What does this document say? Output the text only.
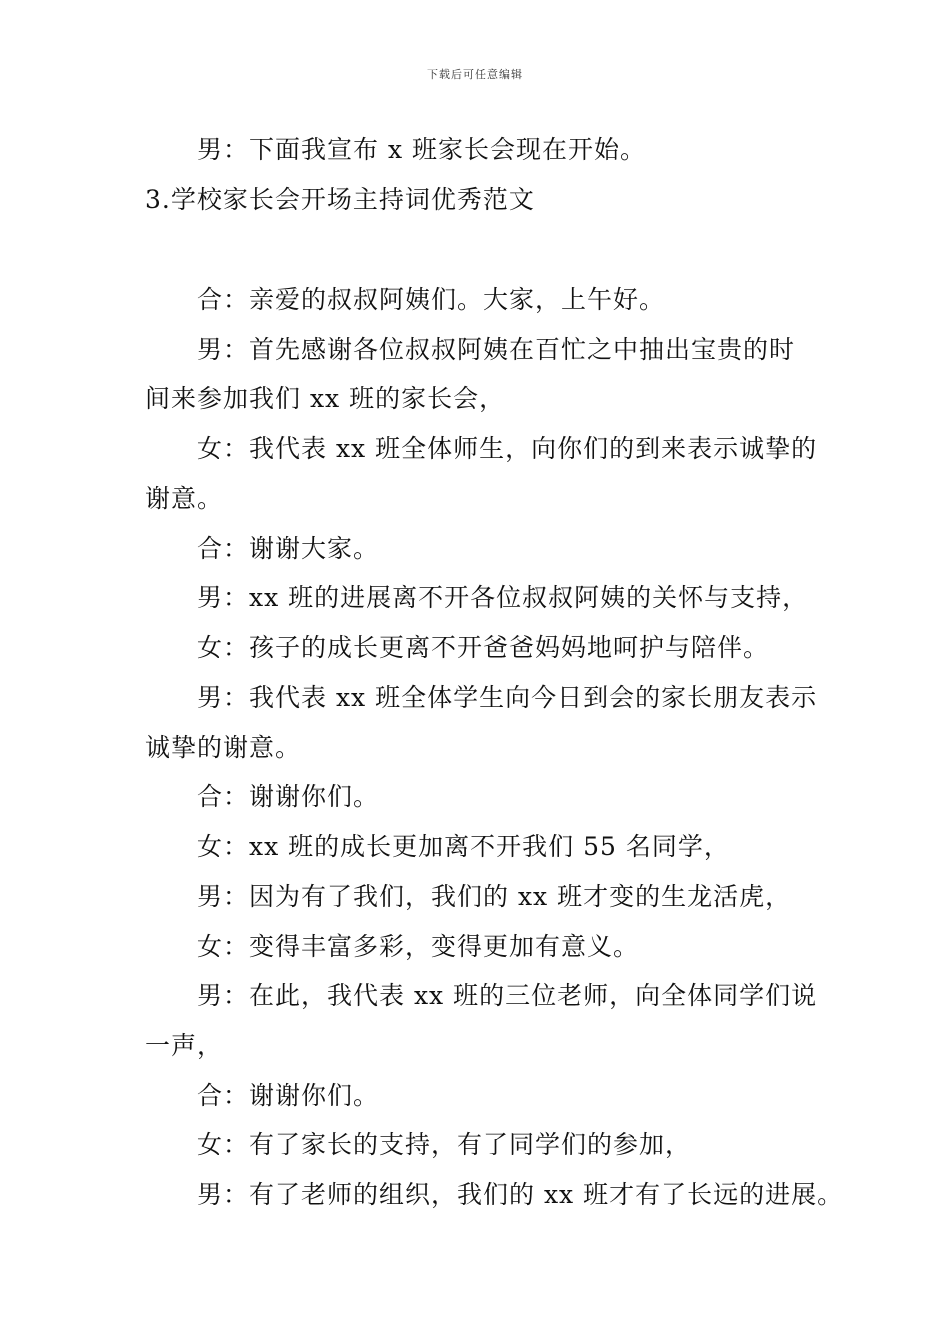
下载后可任意编辑
男：下面我宣布 x 班家长会现在开始。
3.学校家长会开场主持词优秀范文
合：亲爱的叔叔阿姨们。大家，上午好。
男：首先感谢各位叔叔阿姨在百忙之中抽出宝贵的时
间来参加我们 xx 班的家长会，
女：我代表 xx 班全体师生，向你们的到来表示诚挚的
谢意。
合：谢谢大家。
男：xx 班的进展离不开各位叔叔阿姨的关怀与支持，
女：孩子的成长更离不开爸爸妈妈地呵护与陪伴。
男：我代表 xx 班全体学生向今日到会的家长朋友表示
诚挚的谢意。
合：谢谢你们。
女：xx 班的成长更加离不开我们 55 名同学，
男：因为有了我们，我们的 xx 班才变的生龙活虎，
女：变得丰富多彩，变得更加有意义。
男：在此，我代表 xx 班的三位老师，向全体同学们说
一声，
合：谢谢你们。
女：有了家长的支持，有了同学们的参加，
男：有了老师的组织，我们的 xx 班才有了长远的进展。
